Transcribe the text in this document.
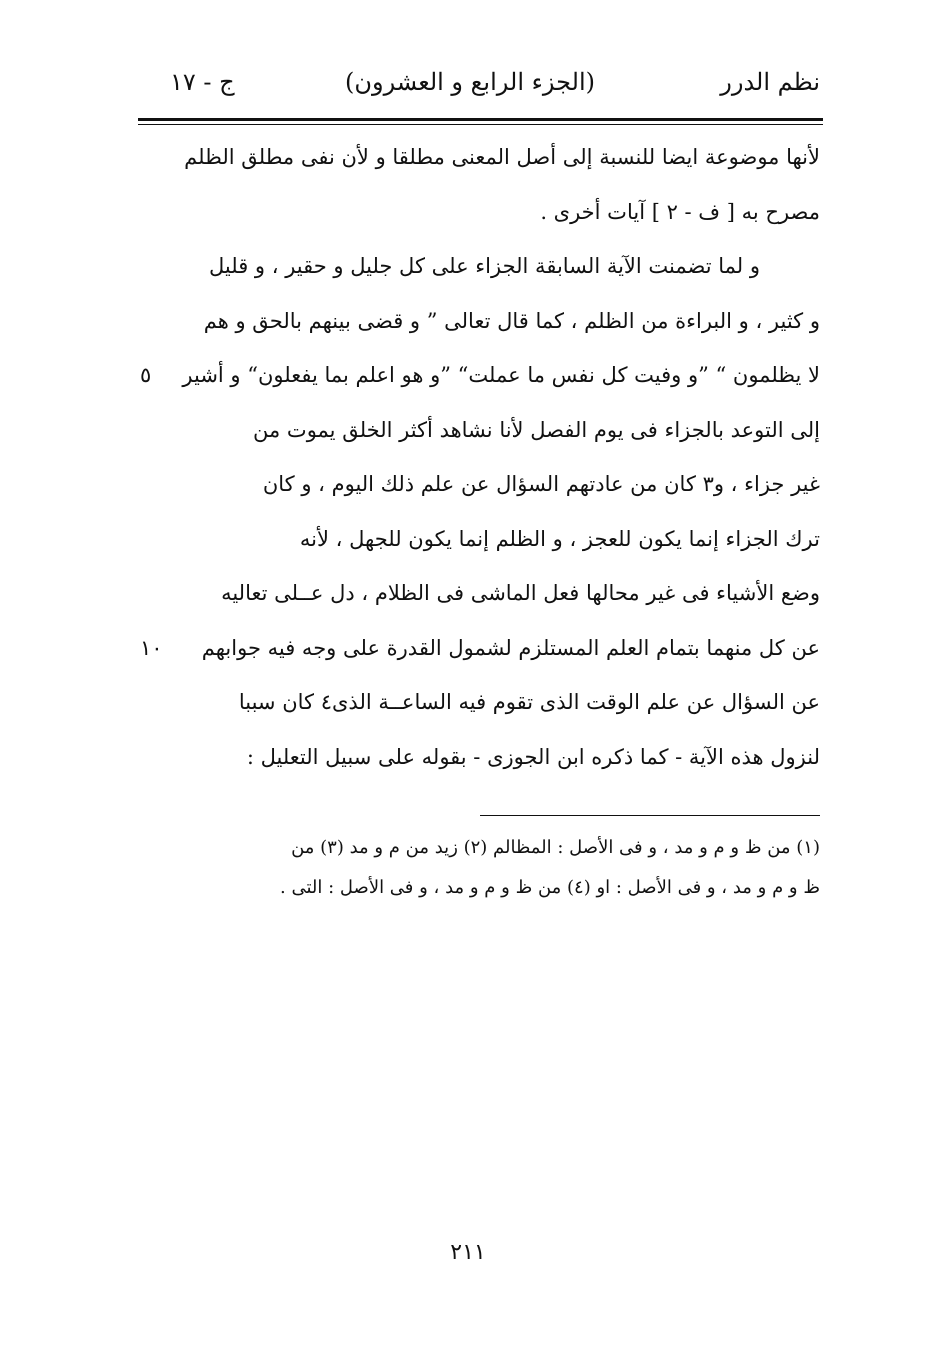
نظم الدرر
(الجزء الرابع و العشرون)
ج - ١٧
لأنها موضوعة ايضا للنسبة إلى أصل المعنى مطلقا و لأن نفى مطلق الظلم
مصرح به [ ف - ٢ ] آيات أخرى .
و لما تضمنت الآية السابقة الجزاء على كل جليل و حقير ، و قليل
و كثير ، و البراءة من الظلم ، كما قال تعالى ” و قضى بينهم بالحق و هم
لا يظلمون “ ”و وفيت كل نفس ما عملت“ ”و هو اعلم بما يفعلون“ و أشير
٥
إلى التوعد بالجزاء فى يوم الفصل لأنا نشاهد أكثر الخلق يموت من
غير جزاء ، و٣ كان من عادتهم السؤال عن علم ذلك اليوم ، و كان
ترك الجزاء إنما يكون للعجز ، و الظلم إنما يكون للجهل ، لأنه
وضع الأشياء فى غير محالها فعل الماشى فى الظلام ، دل عــلى تعاليه
عن كل منهما بتمام العلم المستلزم لشمول القدرة على وجه فيه جوابهم
١٠
عن السؤال عن علم الوقت الذى تقوم فيه الساعــة الذى٤ كان سببا
لنزول هذه الآية - كما ذكره ابن الجوزى - بقوله على سبيل التعليل :
(١) من ظ و م و مد ، و فى الأصل : المظالم (٢) زيد من م و مد (٣) من
ظ و م و مد ، و فى الأصل : او (٤) من ظ و م و مد ، و فى الأصل : التى .
٢١١
